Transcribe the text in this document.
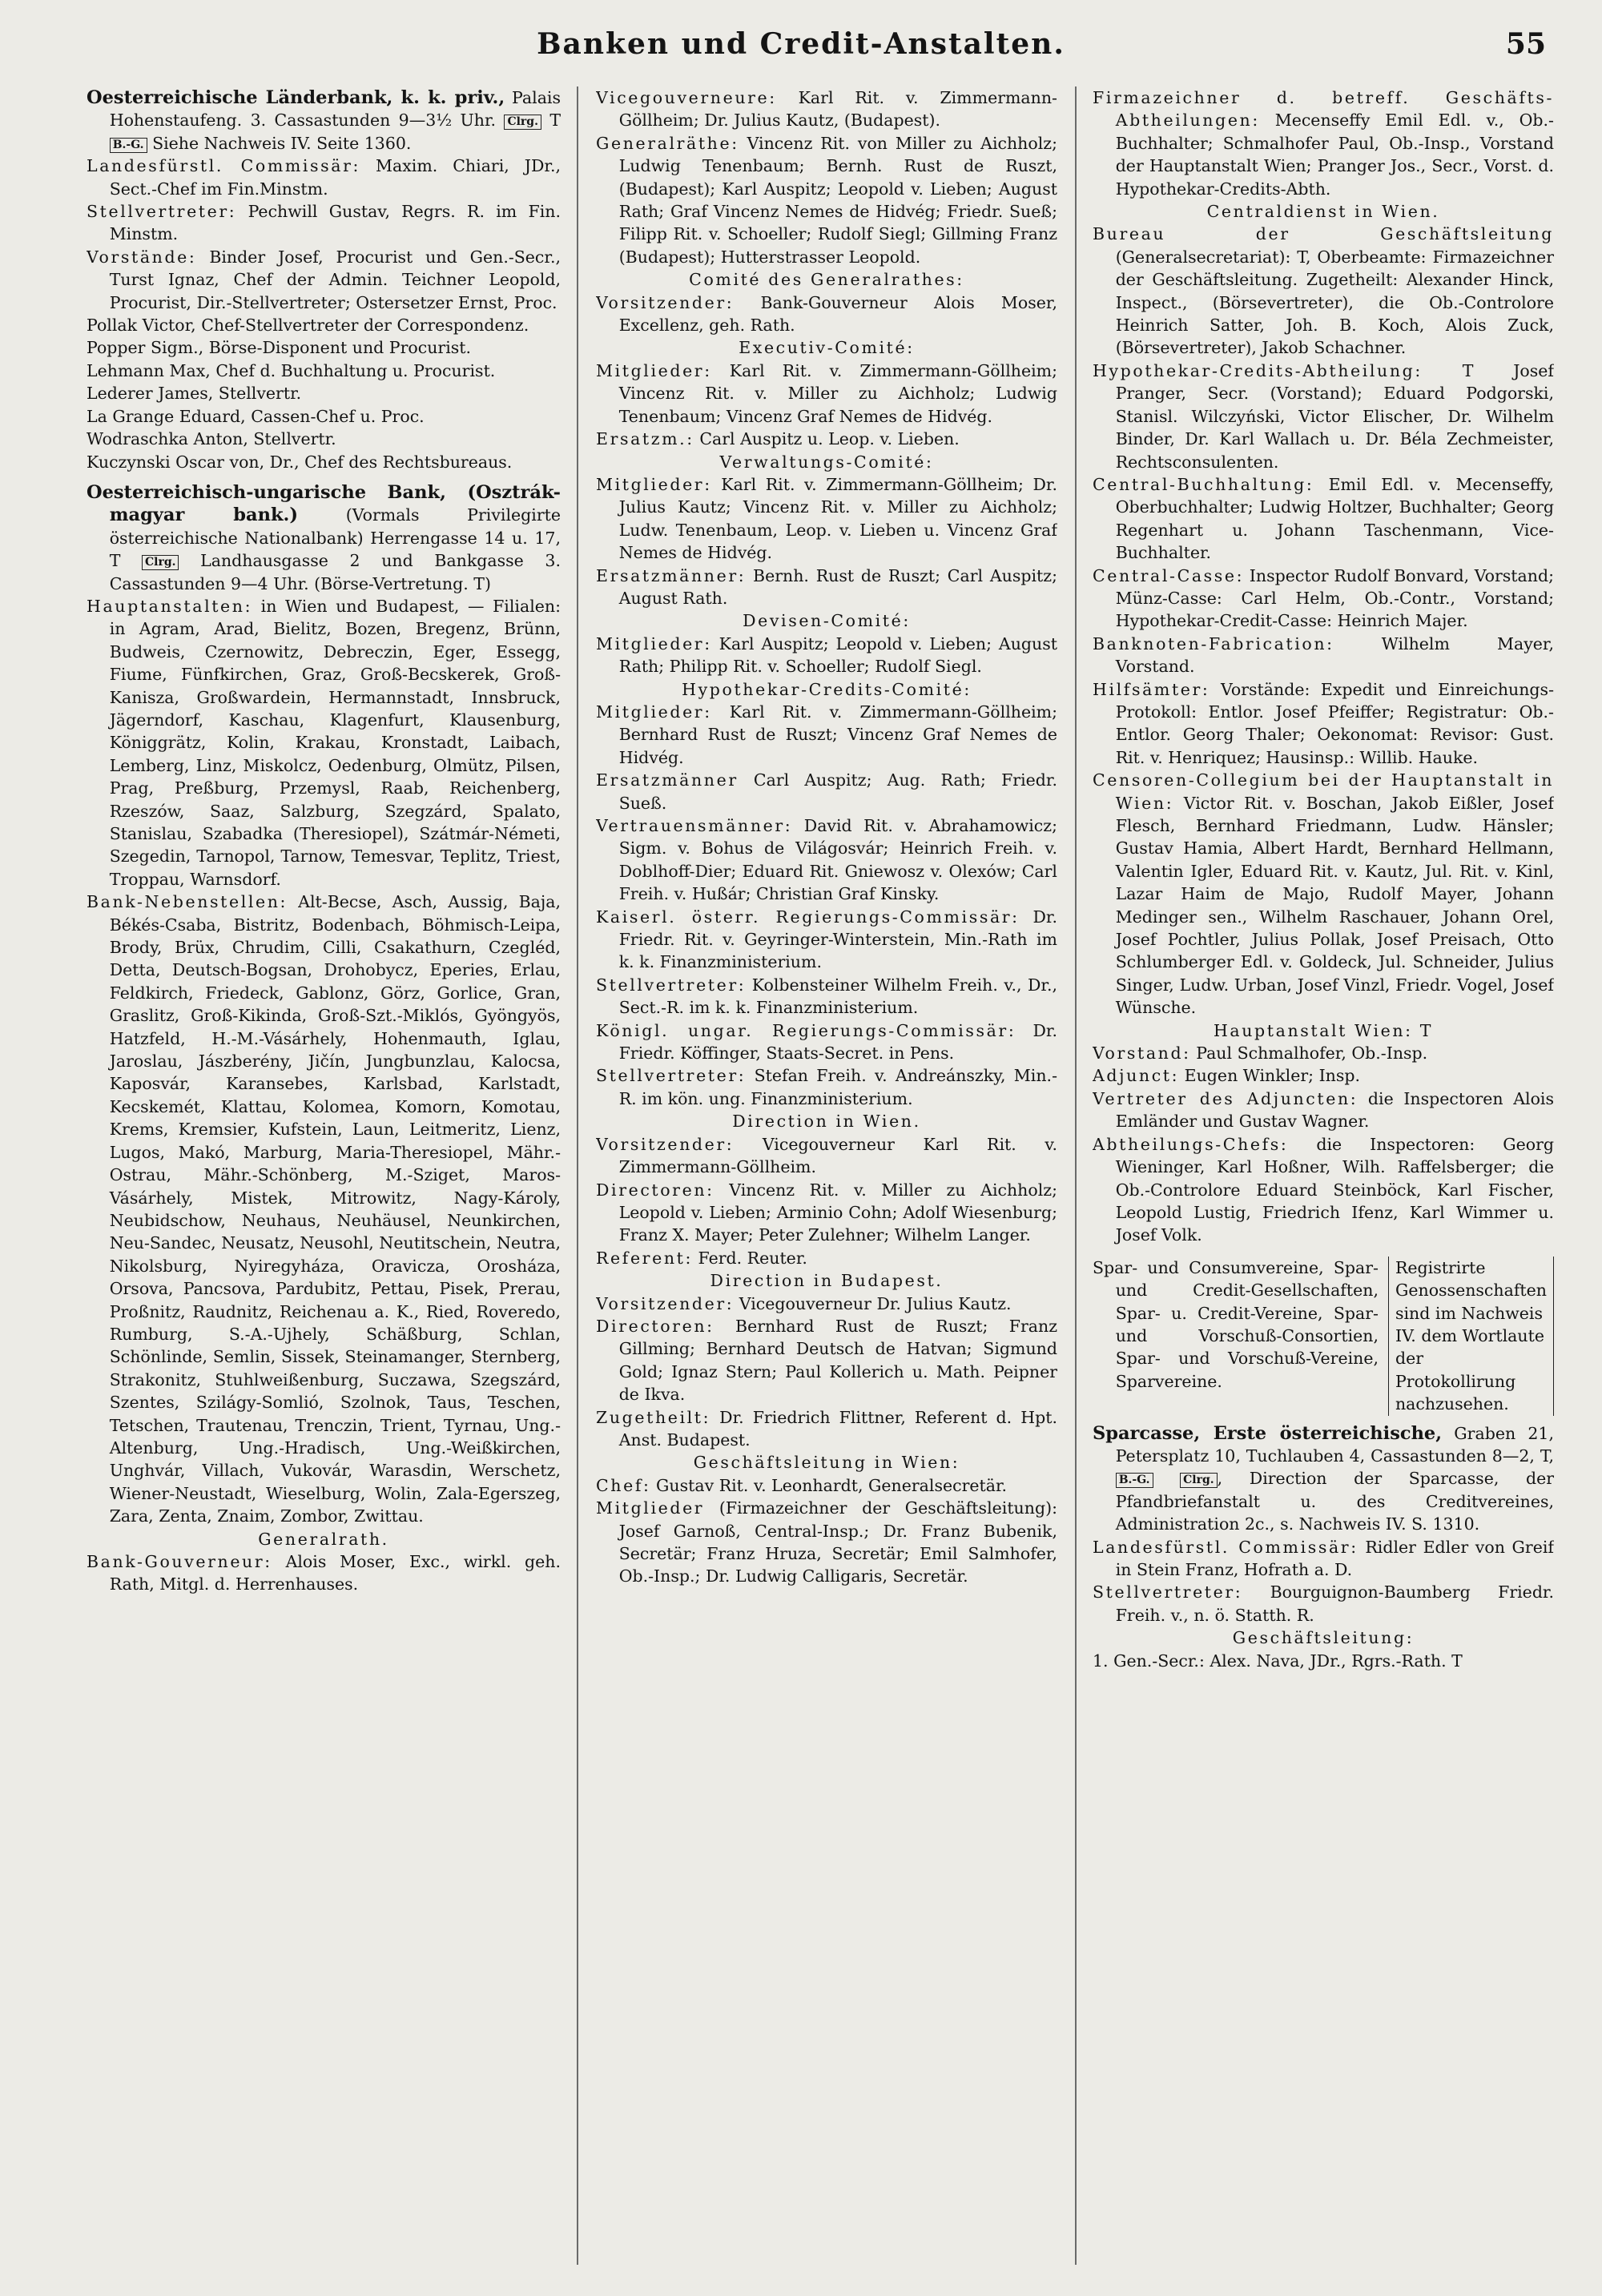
Banken und Credit-Anstalten.	55

Oesterreichische Länderbank, k. k. priv., Palais Hohenstaufeng. 3. Cassastunden 9—3½ Uhr. Clrg. T B.-G. Siehe Nachweis IV. Seite 1360.

Landesfürstl. Commissär: Maxim. Chiari, JDr., Sect.-Chef im Fin.Minstm.

Stellvertreter: Pechwill Gustav, Regrs. R. im Fin. Minstm.

Vorstände: Binder Josef, Procurist und Gen.-Secr., Turst Ignaz, Chef der Admin. Teichner Leopold, Procurist, Dir.-Stellvertreter; Ostersetzer Ernst, Proc.

Pollak Victor, Chef-Stellvertreter der Correspondenz.

Popper Sigm., Börse-Disponent und Procurist.

Lehmann Max, Chef d. Buchhaltung u. Procurist.

Lederer James, Stellvertr.

La Grange Eduard, Cassen-Chef u. Proc.

Wodraschka Anton, Stellvertr.

Kuczynski Oscar von, Dr., Chef des Rechtsbureaus.

Oesterreichisch-ungarische Bank, (Osztrák-magyar bank.) (Vormals Privilegirte österreichische Nationalbank) Herrengasse 14 u. 17, T Clrg. Landhausgasse 2 und Bankgasse 3. Cassastunden 9—4 Uhr. (Börse-Vertretung. T)

Hauptanstalten: in Wien und Budapest, — Filialen: in Agram, Arad, Bielitz, Bozen, Bregenz, Brünn, Budweis, Czernowitz, Debreczin, Eger, Essegg, Fiume, Fünfkirchen, Graz, Groß-Becskerek, Groß-Kanisza, Großwardein, Hermannstadt, Innsbruck, Jägerndorf, Kaschau, Klagenfurt, Klausenburg, Königgrätz, Kolin, Krakau, Kronstadt, Laibach, Lemberg, Linz, Miskolcz, Oedenburg, Olmütz, Pilsen, Prag, Preßburg, Przemysl, Raab, Reichenberg, Rzeszów, Saaz, Salzburg, Szegzárd, Spalato, Stanislau, Szabadka (Theresiopel), Szátmár-Németi, Szegedin, Tarnopol, Tarnow, Temesvar, Teplitz, Triest, Troppau, Warnsdorf.

Bank-Nebenstellen: Alt-Becse, Asch, Aussig, Baja, Békés-Csaba, Bistritz, Bodenbach, Böhmisch-Leipa, Brody, Brüx, Chrudim, Cilli, Csakathurn, Czegléd, Detta, Deutsch-Bogsan, Drohobycz, Eperies, Erlau, Feldkirch, Friedeck, Gablonz, Görz, Gorlice, Gran, Graslitz, Groß-Kikinda, Groß-Szt.-Miklós, Gyöngyös, Hatzfeld, H.-M.-Vásárhely, Hohenmauth, Iglau, Jaroslau, Jászberény, Jičín, Jungbunzlau, Kalocsa, Kaposvár, Karansebes, Karlsbad, Karlstadt, Kecskemét, Klattau, Kolomea, Komorn, Komotau, Krems, Kremsier, Kufstein, Laun, Leitmeritz, Lienz, Lugos, Makó, Marburg, Maria-Theresiopel, Mähr.-Ostrau, Mähr.-Schönberg, M.-Sziget, Maros-Vásárhely, Mistek, Mitrowitz, Nagy-Károly, Neubidschow, Neuhaus, Neuhäusel, Neunkirchen, Neu-Sandec, Neusatz, Neusohl, Neutitschein, Neutra, Nikolsburg, Nyiregyháza, Oravicza, Orosháza, Orsova, Pancsova, Pardubitz, Pettau, Pisek, Prerau, Proßnitz, Raudnitz, Reichenau a. K., Ried, Roveredo, Rumburg, S.-A.-Ujhely, Schäßburg, Schlan, Schönlinde, Semlin, Sissek, Steinamanger, Sternberg, Strakonitz, Stuhlweißenburg, Suczawa, Szegszárd, Szentes, Szilágy-Somlió, Szolnok, Taus, Teschen, Tetschen, Trautenau, Trenczin, Trient, Tyrnau, Ung.-Altenburg, Ung.-Hradisch, Ung.-Weißkirchen, Unghvár, Villach, Vukovár, Warasdin, Werschetz, Wiener-Neustadt, Wieselburg, Wolin, Zala-Egerszeg, Zara, Zenta, Znaim, Zombor, Zwittau.

Generalrath.

Bank-Gouverneur: Alois Moser, Exc., wirkl. geh. Rath, Mitgl. d. Herrenhauses.

Vicegouverneure: Karl Rit. v. Zimmermann-Göllheim; Dr. Julius Kautz, (Budapest).

Generalräthe: Vincenz Rit. von Miller zu Aichholz; Ludwig Tenenbaum; Bernh. Rust de Ruszt, (Budapest); Karl Auspitz; Leopold v. Lieben; August Rath; Graf Vincenz Nemes de Hidvég; Friedr. Sueß; Filipp Rit. v. Schoeller; Rudolf Siegl; Gillming Franz (Budapest); Hutterstrasser Leopold.

Comité des Generalrathes:

Vorsitzender: Bank-Gouverneur Alois Moser, Excellenz, geh. Rath.

Executiv-Comité:

Mitglieder: Karl Rit. v. Zimmermann-Göllheim; Vincenz Rit. v. Miller zu Aichholz; Ludwig Tenenbaum; Vincenz Graf Nemes de Hidvég.

Ersatzm.: Carl Auspitz u. Leop. v. Lieben.

Verwaltungs-Comité:

Mitglieder: Karl Rit. v. Zimmermann-Göllheim; Dr. Julius Kautz; Vincenz Rit. v. Miller zu Aichholz; Ludw. Tenenbaum, Leop. v. Lieben u. Vincenz Graf Nemes de Hidvég.

Ersatzmänner: Bernh. Rust de Ruszt; Carl Auspitz; August Rath.

Devisen-Comité:

Mitglieder: Karl Auspitz; Leopold v. Lieben; August Rath; Philipp Rit. v. Schoeller; Rudolf Siegl.

Hypothekar-Credits-Comité:

Mitglieder: Karl Rit. v. Zimmermann-Göllheim; Bernhard Rust de Ruszt; Vincenz Graf Nemes de Hidvég.

Ersatzmänner Carl Auspitz; Aug. Rath; Friedr. Sueß.

Vertrauensmänner: David Rit. v. Abrahamowicz; Sigm. v. Bohus de Világosvár; Heinrich Freih. v. Doblhoff-Dier; Eduard Rit. Gniewosz v. Olexów; Carl Freih. v. Hußár; Christian Graf Kinsky.

Kaiserl. österr. Regierungs-Commissär: Dr. Friedr. Rit. v. Geyringer-Winterstein, Min.-Rath im k. k. Finanzministerium.

Stellvertreter: Kolbensteiner Wilhelm Freih. v., Dr., Sect.-R. im k. k. Finanzministerium.

Königl. ungar. Regierungs-Commissär: Dr. Friedr. Köffinger, Staats-Secret. in Pens.

Stellvertreter: Stefan Freih. v. Andreánszky, Min.-R. im kön. ung. Finanzministerium.

Direction in Wien.

Vorsitzender: Vicegouverneur Karl Rit. v. Zimmermann-Göllheim.

Directoren: Vincenz Rit. v. Miller zu Aichholz; Leopold v. Lieben; Arminio Cohn; Adolf Wiesenburg; Franz X. Mayer; Peter Zulehner; Wilhelm Langer.

Referent: Ferd. Reuter.

Direction in Budapest.

Vorsitzender: Vicegouverneur Dr. Julius Kautz.

Directoren: Bernhard Rust de Ruszt; Franz Gillming; Bernhard Deutsch de Hatvan; Sigmund Gold; Ignaz Stern; Paul Kollerich u. Math. Peipner de Ikva.

Zugetheilt: Dr. Friedrich Flittner, Referent d. Hpt. Anst. Budapest.

Geschäftsleitung in Wien:

Chef: Gustav Rit. v. Leonhardt, Generalsecretär.

Mitglieder (Firmazeichner der Geschäftsleitung): Josef Garnoß, Central-Insp.; Dr. Franz Bubenik, Secretär; Franz Hruza, Secretär; Emil Salmhofer, Ob.-Insp.; Dr. Ludwig Calligaris, Secretär.

Firmazeichner d. betreff. Geschäfts-Abtheilungen: Mecenseffy Emil Edl. v., Ob.-Buchhalter; Schmalhofer Paul, Ob.-Insp., Vorstand der Hauptanstalt Wien; Pranger Jos., Secr., Vorst. d. Hypothekar-Credits-Abth.

Centraldienst in Wien.

Bureau der Geschäftsleitung (Generalsecretariat): T, Oberbeamte: Firmazeichner der Geschäftsleitung. Zugetheilt: Alexander Hinck, Inspect., (Börsevertreter), die Ob.-Controlore Heinrich Satter, Joh. B. Koch, Alois Zuck, (Börsevertreter), Jakob Schachner.

Hypothekar-Credits-Abtheilung: T Josef Pranger, Secr. (Vorstand); Eduard Podgorski, Stanisl. Wilczyński, Victor Elischer, Dr. Wilhelm Binder, Dr. Karl Wallach u. Dr. Béla Zechmeister, Rechtsconsulenten.

Central-Buchhaltung: Emil Edl. v. Mecenseffy, Oberbuchhalter; Ludwig Holtzer, Buchhalter; Georg Regenhart u. Johann Taschenmann, Vice-Buchhalter.

Central-Casse: Inspector Rudolf Bonvard, Vorstand; Münz-Casse: Carl Helm, Ob.-Contr., Vorstand; Hypothekar-Credit-Casse: Heinrich Majer.

Banknoten-Fabrication: Wilhelm Mayer, Vorstand.

Hilfsämter: Vorstände: Expedit und Einreichungs-Protokoll: Entlor. Josef Pfeiffer; Registratur: Ob.-Entlor. Georg Thaler; Oekonomat: Revisor: Gust. Rit. v. Henriquez; Hausinsp.: Willib. Hauke.

Censoren-Collegium bei der Hauptanstalt in Wien: Victor Rit. v. Boschan, Jakob Eißler, Josef Flesch, Bernhard Friedmann, Ludw. Hänsler; Gustav Hamia, Albert Hardt, Bernhard Hellmann, Valentin Igler, Eduard Rit. v. Kautz, Jul. Rit. v. Kinl, Lazar Haim de Majo, Rudolf Mayer, Johann Medinger sen., Wilhelm Raschauer, Johann Orel, Josef Pochtler, Julius Pollak, Josef Preisach, Otto Schlumberger Edl. v. Goldeck, Jul. Schneider, Julius Singer, Ludw. Urban, Josef Vinzl, Friedr. Vogel, Josef Wünsche.

Hauptanstalt Wien: T

Vorstand: Paul Schmalhofer, Ob.-Insp.

Adjunct: Eugen Winkler; Insp.

Vertreter des Adjuncten: die Inspectoren Alois Emländer und Gustav Wagner.

Abtheilungs-Chefs: die Inspectoren: Georg Wieninger, Karl Hoßner, Wilh. Raffelsberger; die Ob.-Controlore Eduard Steinböck, Karl Fischer, Leopold Lustig, Friedrich Ifenz, Karl Wimmer u. Josef Volk.

Spar- und Consumvereine, Spar- und Credit-Gesellschaften, Spar- u. Credit-Vereine, Spar- und Vorschuß-Consortien, Spar- und Vorschuß-Vereine, Sparvereine.
Registrirte Genossenschaften sind im Nachweis IV. dem Wortlaute der Protokollirung nachzusehen.

Sparcasse, Erste österreichische, Graben 21, Petersplatz 10, Tuchlauben 4, Cassastunden 8—2, T, B.-G.	Clrg. , Direction der Sparcasse, der Pfandbriefanstalt u. des Creditvereines, Administration 2c., s. Nachweis IV. S. 1310.

Landesfürstl. Commissär: Ridler Edler von Greif in Stein Franz, Hofrath a. D.

Stellvertreter: Bourguignon-Baumberg Friedr. Freih. v., n. ö. Statth. R.

Geschäftsleitung:

1. Gen.-Secr.: Alex. Nava, JDr., Rgrs.-Rath. T
